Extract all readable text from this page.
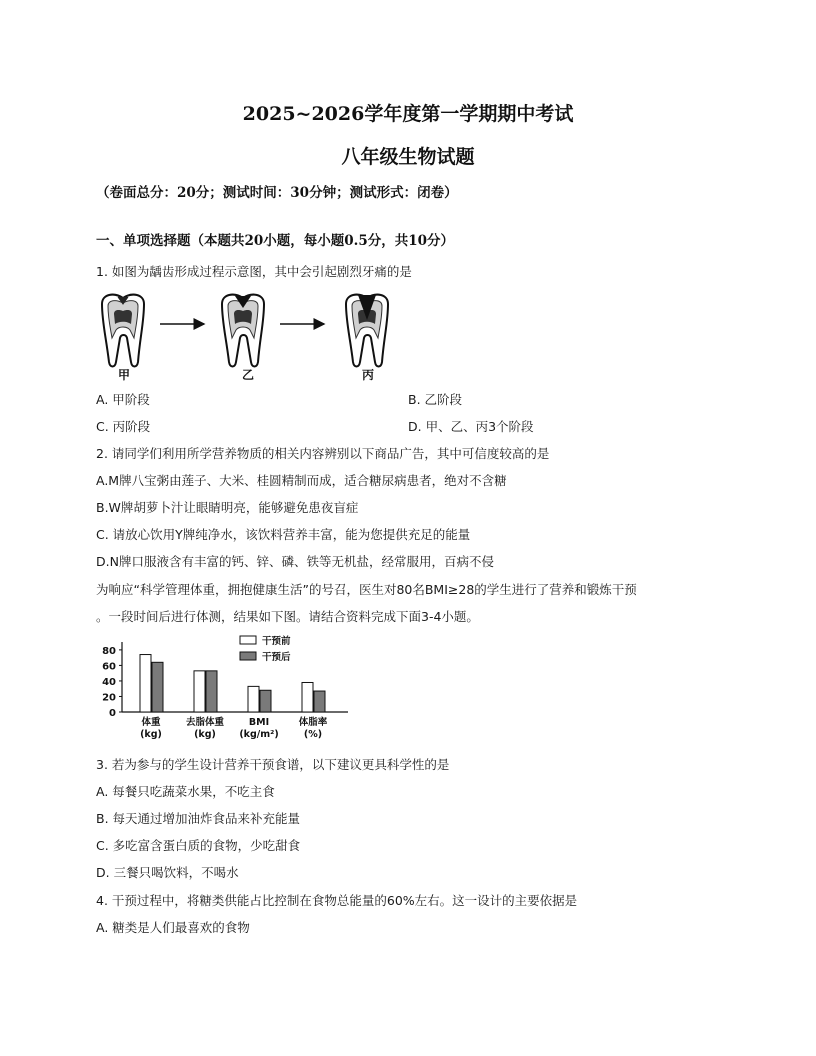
2025~2026学年度第一学期期中考试
八年级生物试题
（卷面总分：20分；测试时间：30分钟；测试形式：闭卷）
一、单项选择题（本题共20小题，每小题0.5分，共10分）
1. 如图为龋齿形成过程示意图，其中会引起剧烈牙痛的是
甲	乙	丙
A. 甲阶段	B. 乙阶段
C. 丙阶段	D. 甲、乙、丙3个阶段
2. 请同学们利用所学营养物质的相关内容辨别以下商品广告，其中可信度较高的是
A.M牌八宝粥由莲子、大米、桂圆精制而成，适合糖尿病患者，绝对不含糖
B.W牌胡萝卜汁让眼睛明亮，能够避免患夜盲症
C. 请放心饮用Y牌纯净水，该饮料营养丰富，能为您提供充足的能量
D.N牌口服液含有丰富的钙、锌、磷、铁等无机盐，经常服用，百病不侵
为响应“科学管理体重，拥抱健康生活”的号召，医生对80名BMI≥28的学生进行了营养和锻炼干预
。一段时间后进行体测，结果如下图。请结合资料完成下面3-4小题。
0
20
40
60
80
体重
(kg)
去脂体重
(kg)
BMI
(kg/m²)
体脂率
(%)
干预前
干预后
3. 若为参与的学生设计营养干预食谱，以下建议更具科学性的是
A. 每餐只吃蔬菜水果，不吃主食
B. 每天通过增加油炸食品来补充能量
C. 多吃富含蛋白质的食物，少吃甜食
D. 三餐只喝饮料，不喝水
4. 干预过程中，将糖类供能占比控制在食物总能量的60%左右。这一设计的主要依据是
A. 糖类是人们最喜欢的食物
